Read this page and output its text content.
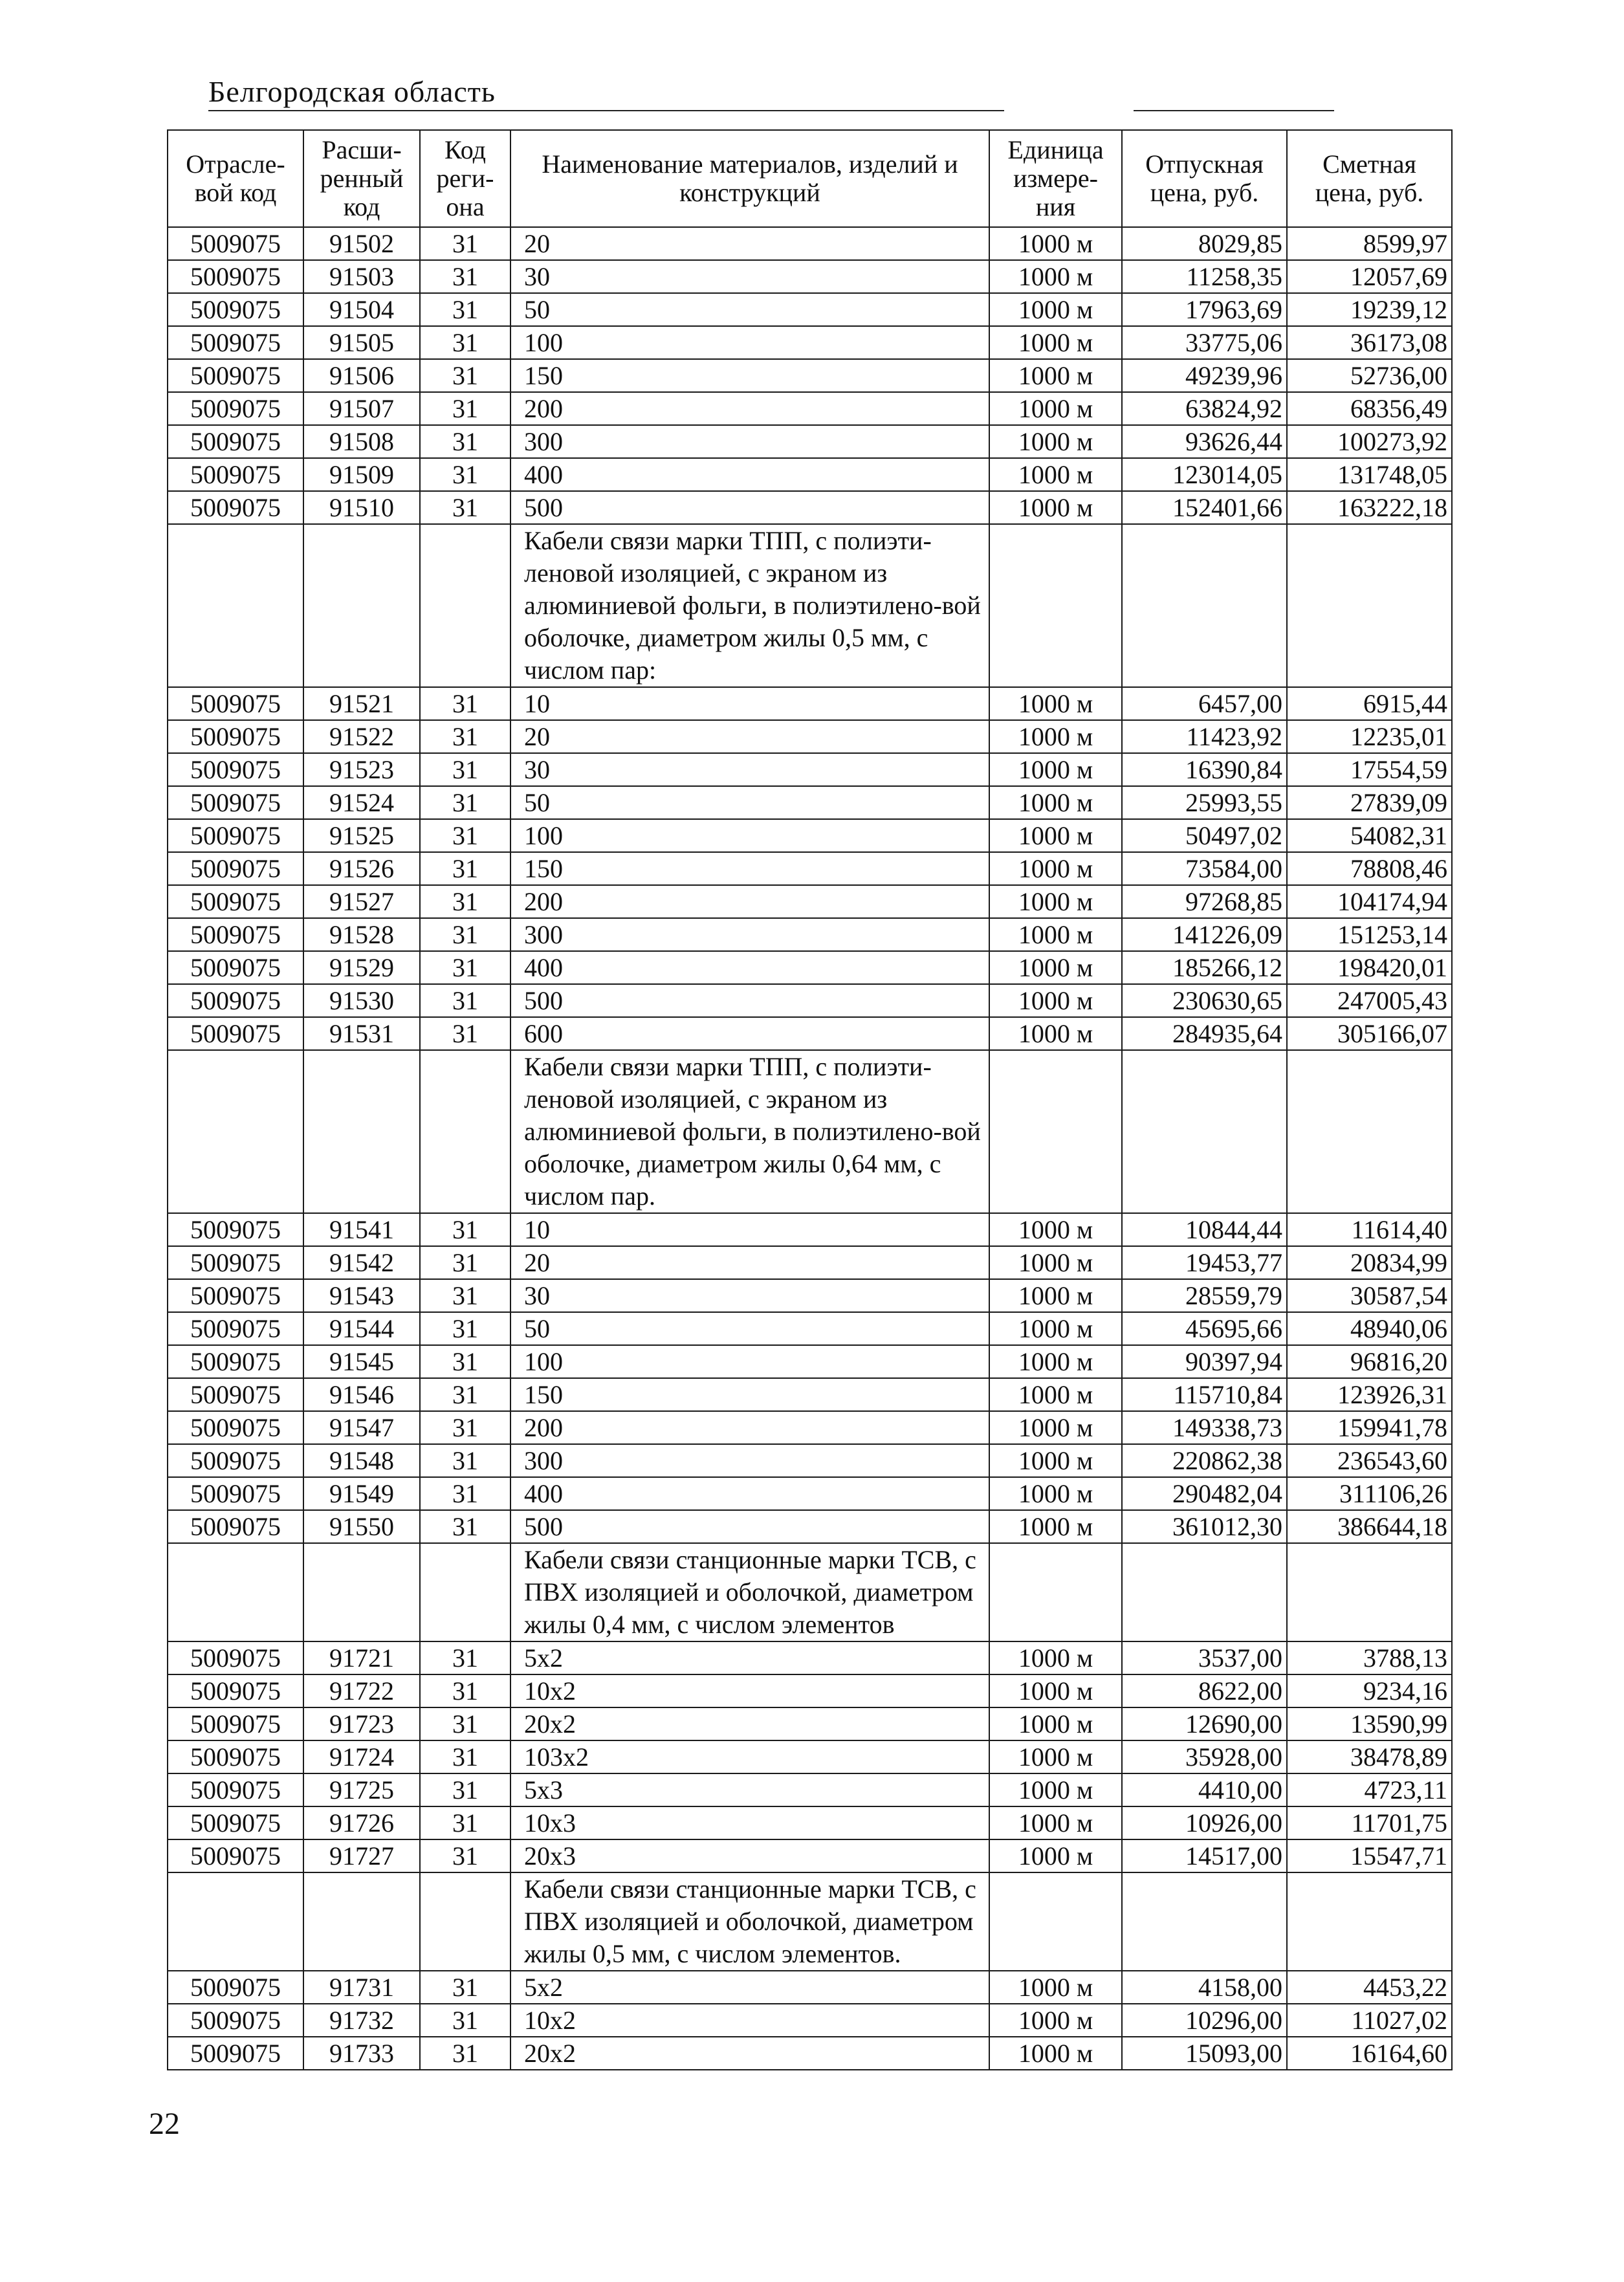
Белгородская область
Отрасле-вой код	Расши-ренный код	Код реги-она	Наименование материалов, изделий и конструкций	Единица измере-ния	Отпускная цена, руб.	Сметная цена, руб.
5009075	91502	31	20	1000 м	8029,85	8599,97
5009075	91503	31	30	1000 м	11258,35	12057,69
5009075	91504	31	50	1000 м	17963,69	19239,12
5009075	91505	31	100	1000 м	33775,06	36173,08
5009075	91506	31	150	1000 м	49239,96	52736,00
5009075	91507	31	200	1000 м	63824,92	68356,49
5009075	91508	31	300	1000 м	93626,44	100273,92
5009075	91509	31	400	1000 м	123014,05	131748,05
5009075	91510	31	500	1000 м	152401,66	163222,18
			Кабели связи марки ТПП, с полиэти-леновой изоляцией, с экраном из алюминиевой фольги, в полиэтилено-вой оболочке, диаметром жилы 0,5 мм, с числом пар:			
5009075	91521	31	10	1000 м	6457,00	6915,44
5009075	91522	31	20	1000 м	11423,92	12235,01
5009075	91523	31	30	1000 м	16390,84	17554,59
5009075	91524	31	50	1000 м	25993,55	27839,09
5009075	91525	31	100	1000 м	50497,02	54082,31
5009075	91526	31	150	1000 м	73584,00	78808,46
5009075	91527	31	200	1000 м	97268,85	104174,94
5009075	91528	31	300	1000 м	141226,09	151253,14
5009075	91529	31	400	1000 м	185266,12	198420,01
5009075	91530	31	500	1000 м	230630,65	247005,43
5009075	91531	31	600	1000 м	284935,64	305166,07
			Кабели связи марки ТПП, с полиэти-леновой изоляцией, с экраном из алюминиевой фольги, в полиэтилено-вой оболочке, диаметром жилы 0,64 мм, с числом пар.			
5009075	91541	31	10	1000 м	10844,44	11614,40
5009075	91542	31	20	1000 м	19453,77	20834,99
5009075	91543	31	30	1000 м	28559,79	30587,54
5009075	91544	31	50	1000 м	45695,66	48940,06
5009075	91545	31	100	1000 м	90397,94	96816,20
5009075	91546	31	150	1000 м	115710,84	123926,31
5009075	91547	31	200	1000 м	149338,73	159941,78
5009075	91548	31	300	1000 м	220862,38	236543,60
5009075	91549	31	400	1000 м	290482,04	311106,26
5009075	91550	31	500	1000 м	361012,30	386644,18
			Кабели связи станционные марки ТСВ, с ПВХ изоляцией и оболочкой, диаметром жилы 0,4 мм, с числом элементов			
5009075	91721	31	5x2	1000 м	3537,00	3788,13
5009075	91722	31	10x2	1000 м	8622,00	9234,16
5009075	91723	31	20x2	1000 м	12690,00	13590,99
5009075	91724	31	103x2	1000 м	35928,00	38478,89
5009075	91725	31	5x3	1000 м	4410,00	4723,11
5009075	91726	31	10x3	1000 м	10926,00	11701,75
5009075	91727	31	20x3	1000 м	14517,00	15547,71
			Кабели связи станционные марки ТСВ, с ПВХ изоляцией и оболочкой, диаметром жилы 0,5 мм, с числом элементов.			
5009075	91731	31	5x2	1000 м	4158,00	4453,22
5009075	91732	31	10x2	1000 м	10296,00	11027,02
5009075	91733	31	20x2	1000 м	15093,00	16164,60
22
